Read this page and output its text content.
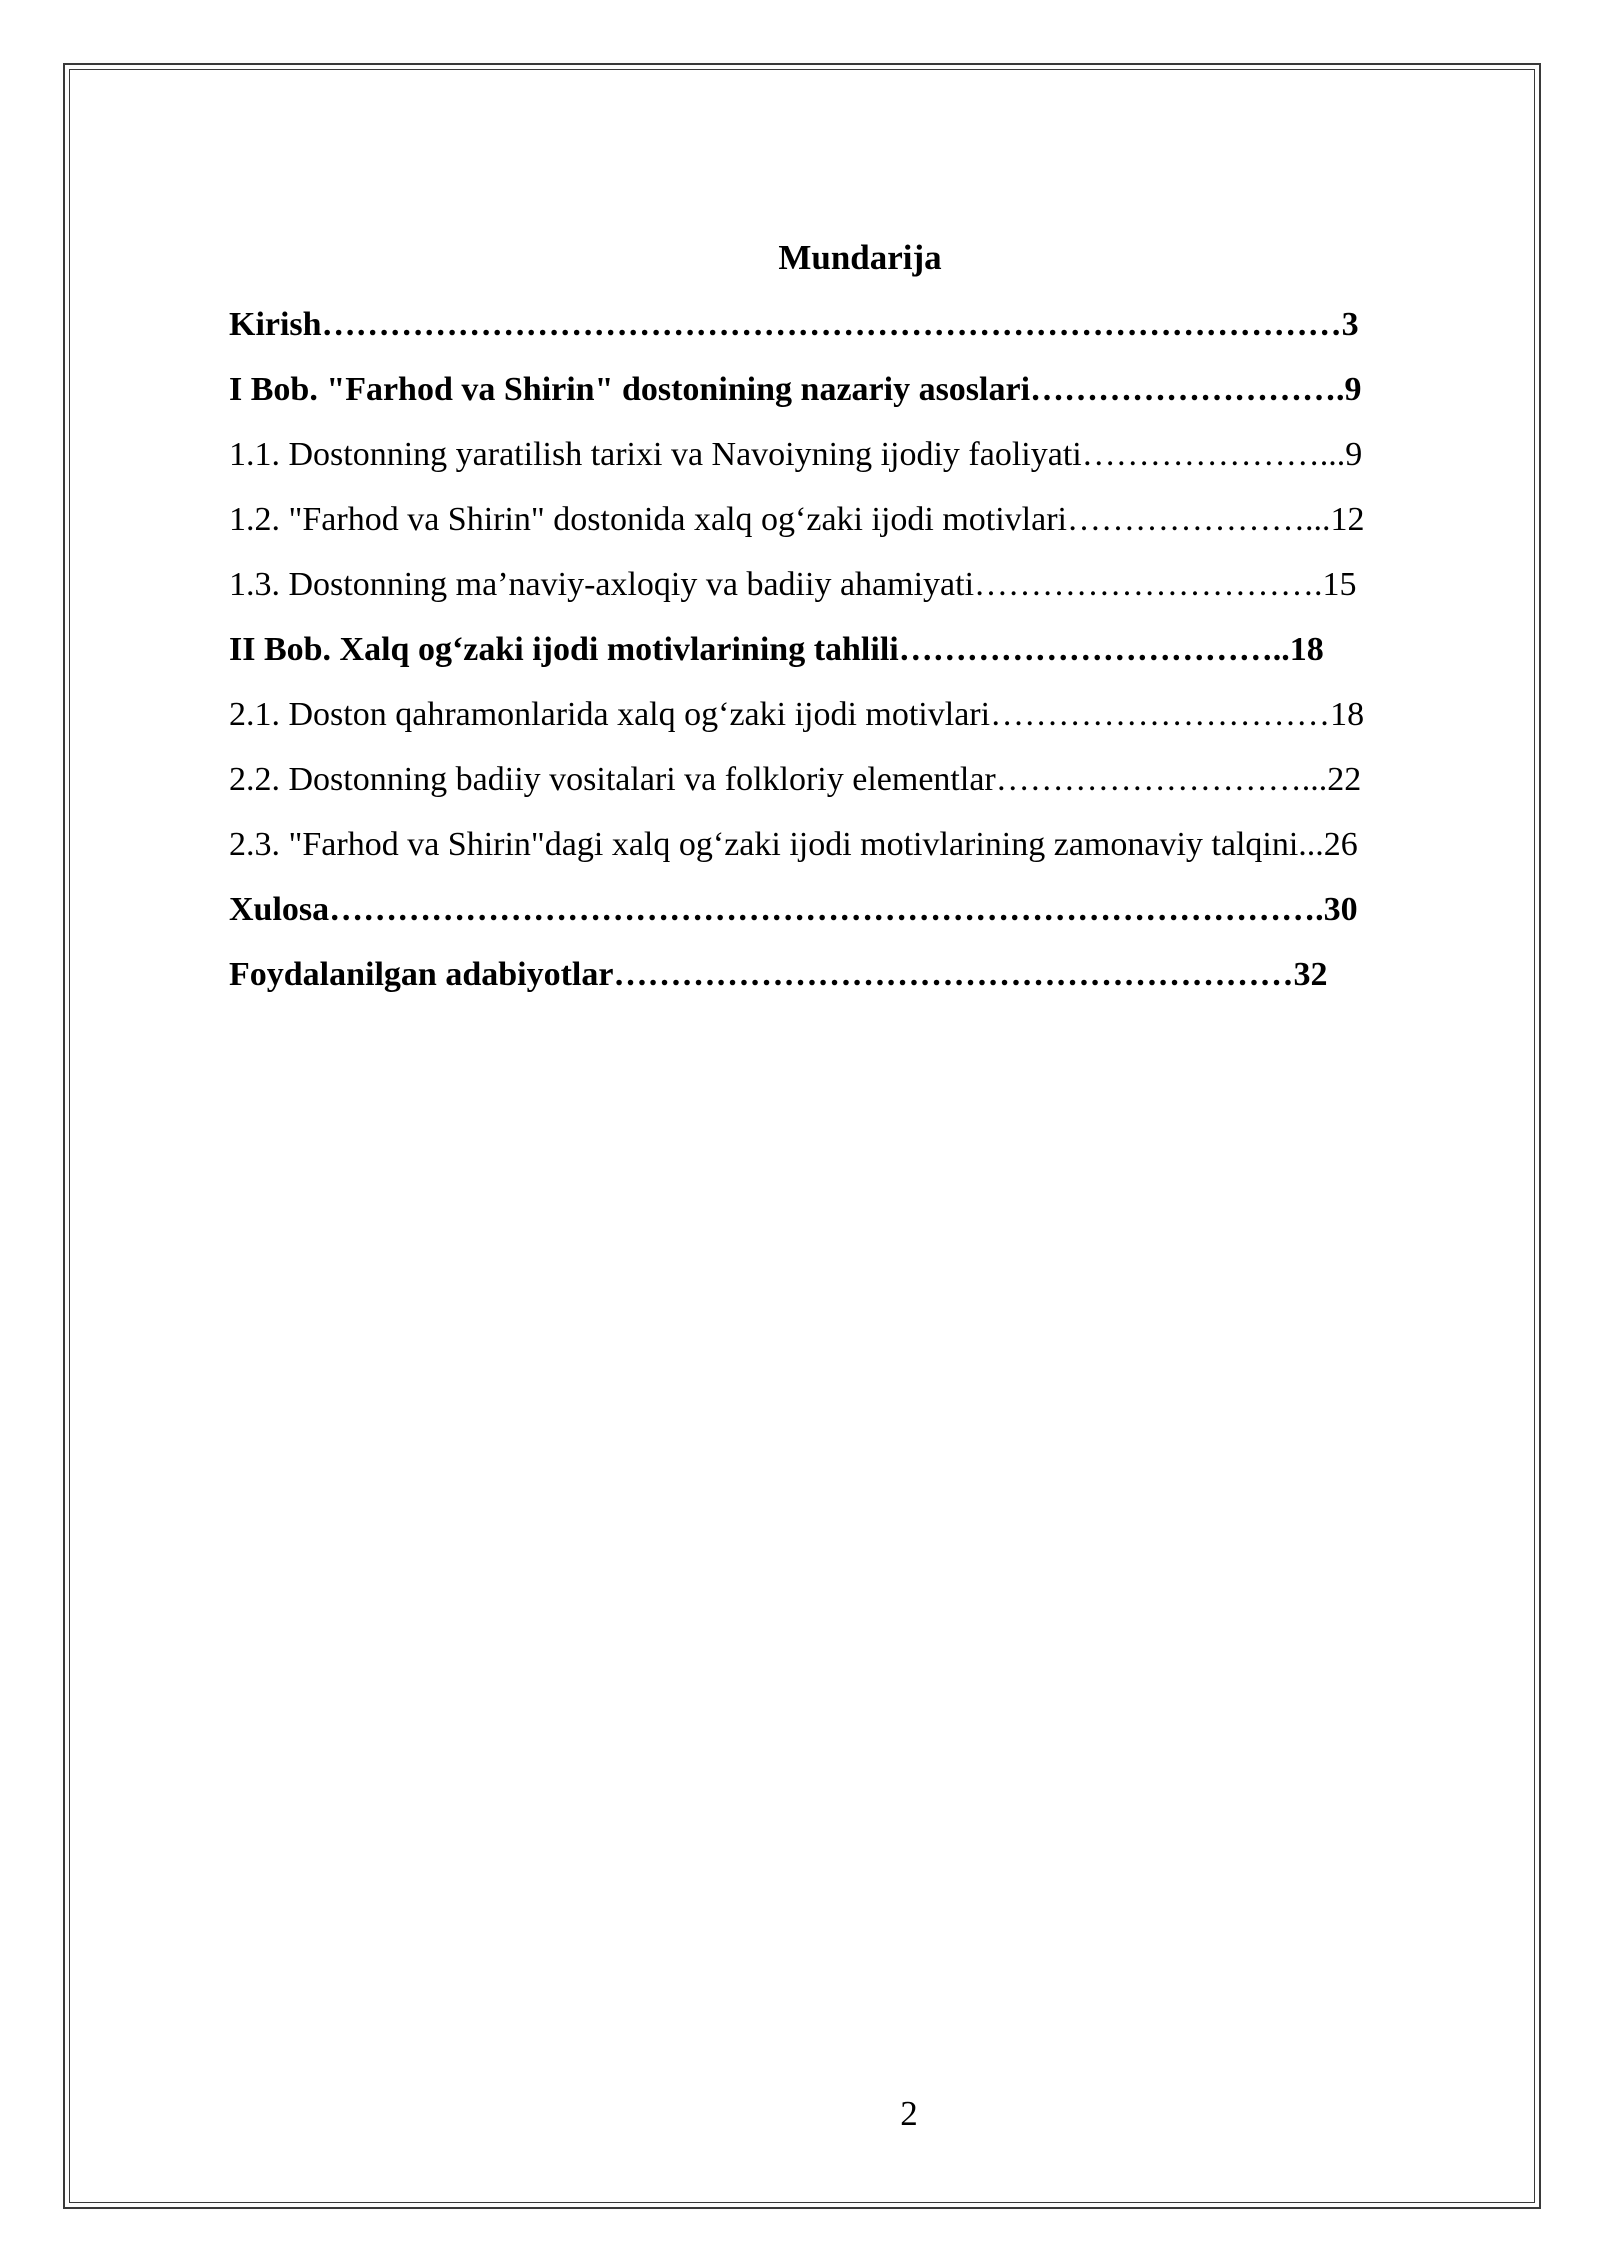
Mundarija
Kirish………………………………………………………………………………3
I Bob. "Farhod va Shirin" dostonining nazariy asoslari……………………….9
1.1. Dostonning yaratilish tarixi va Navoiyning ijodiy faoliyati…………………...9
1.2. "Farhod va Shirin" dostonida xalq og‘zaki ijodi motivlari…………………...12
1.3. Dostonning ma’naviy-axloqiy va badiiy ahamiyati………………………….15
II Bob. Xalq og‘zaki ijodi motivlarining tahlili……………………………..18
2.1. Doston qahramonlarida xalq og‘zaki ijodi motivlari…………………………18
2.2. Dostonning badiiy vositalari va folkloriy elementlar………………………...22
2.3. "Farhod va Shirin"dagi xalq og‘zaki ijodi motivlarining zamonaviy talqini...26
Xulosa…………………………………………………………………………….30
Foydalanilgan adabiyotlar……………………………………………………32

2
